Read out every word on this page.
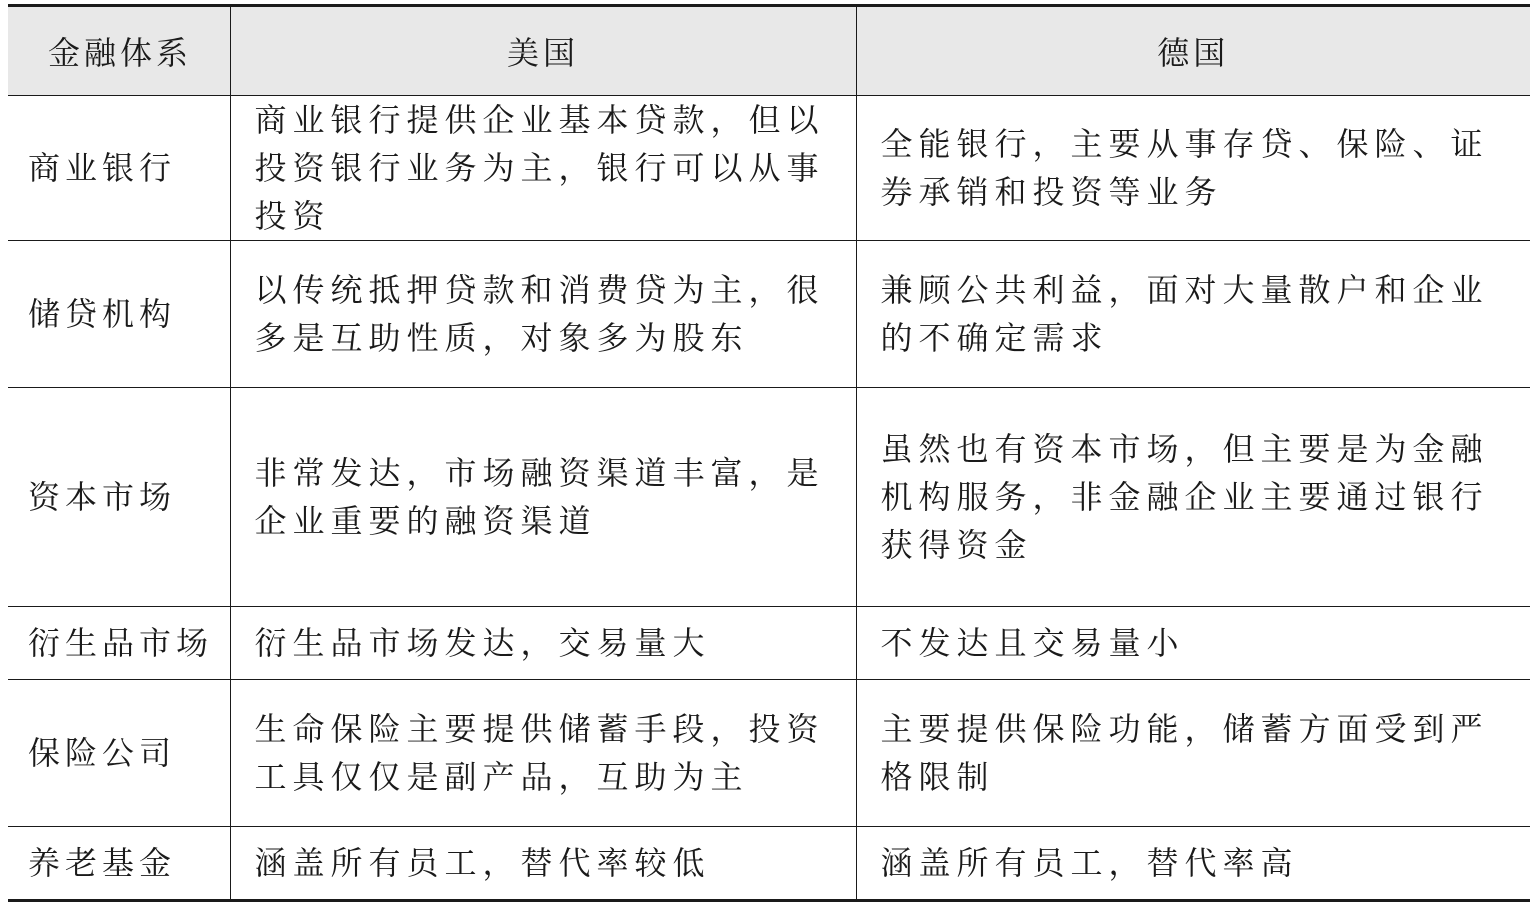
金融体系	美国	德国
商业银行	商业银行提供企业基本贷款，但以投资银行业务为主，银行可以从事投资	全能银行，主要从事存贷、保险、证券承销和投资等业务
储贷机构	以传统抵押贷款和消费贷为主，很多是互助性质，对象多为股东	兼顾公共利益，面对大量散户和企业的不确定需求
资本市场	非常发达，市场融资渠道丰富，是企业重要的融资渠道	虽然也有资本市场，但主要是为金融机构服务，非金融企业主要通过银行获得资金
衍生品市场	衍生品市场发达，交易量大	不发达且交易量小
保险公司	生命保险主要提供储蓄手段，投资工具仅仅是副产品，互助为主	主要提供保险功能，储蓄方面受到严格限制
养老基金	涵盖所有员工，替代率较低	涵盖所有员工，替代率高
